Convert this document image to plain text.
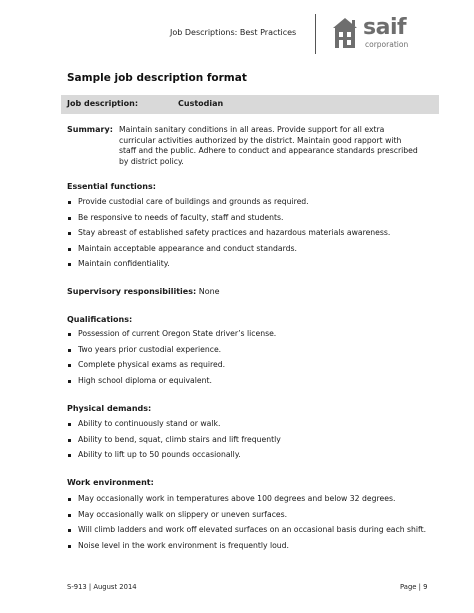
Job Descriptions: Best Practices	saif
corporation
Sample job description format
Job description:	Custodian
Summary: Maintain sanitary conditions in all areas. Provide support for all extra curricular activities authorized by the district. Maintain good rapport with staff and the public. Adhere to conduct and appearance standards prescribed by district policy.
Essential functions:
Provide custodial care of buildings and grounds as required.
Be responsive to needs of faculty, staff and students.
Stay abreast of established safety practices and hazardous materials awareness.
Maintain acceptable appearance and conduct standards.
Maintain confidentiality.
Supervisory responsibilities: None
Qualifications:
Possession of current Oregon State driver’s license.
Two years prior custodial experience.
Complete physical exams as required.
High school diploma or equivalent.
Physical demands:
Ability to continuously stand or walk.
Ability to bend, squat, climb stairs and lift frequently
Ability to lift up to 50 pounds occasionally.
Work environment:
May occasionally work in temperatures above 100 degrees and below 32 degrees.
May occasionally walk on slippery or uneven surfaces.
Will climb ladders and work off elevated surfaces on an occasional basis during each shift.
Noise level in the work environment is frequently loud.
S-913 | August 2014	Page | 9
